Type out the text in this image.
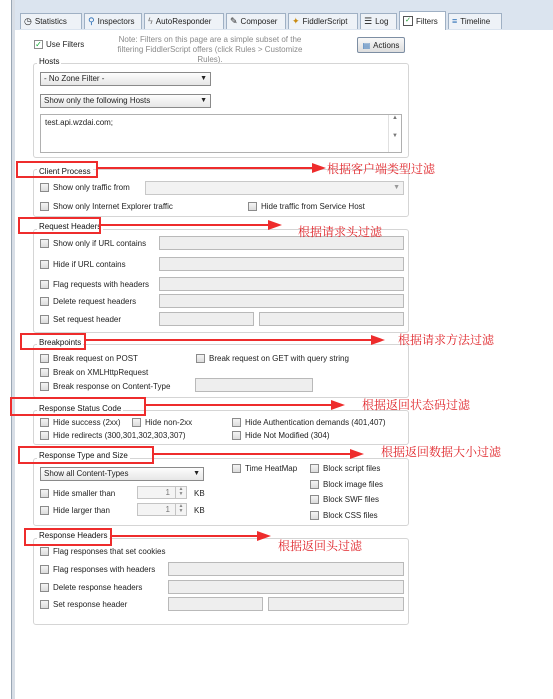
◷ Statistics ⚲ Inspectors ϟ AutoResponder ✎ Composer ✦ FiddlerScript ☰ Log ✓ Filters ≡ Timeline
✓ Use Filters
Note: Filters on this page are a simple subset of the filtering FiddlerScript offers (click Rules > Customize Rules).
▤ Actions
Hosts
- No Zone Filter -	▼
Show only the following Hosts	▼
test.api.wzdai.com;	▲

▼
Client Process
Show only traffic from	▼
Show only Internet Explorer traffic	Hide traffic from Service Host
Request Headers
Show only if URL contains
Hide if URL contains
Flag requests with headers
Delete request headers
Set request header
Breakpoints
Break request on POST	Break request on GET with query string
Break on XMLHttpRequest
Break response on Content-Type
Response Status Code
Hide success (2xx)	Hide non-2xx	Hide Authentication demands (401,407)
Hide redirects (300,301,302,303,307)	Hide Not Modified (304)
Response Type and Size
Show all Content-Types	▼
Time HeatMap	Block script files
Block image files
Block SWF files
Block CSS files
Hide smaller than	1	▲
▼	KB
Hide larger than	1	▲
▼	KB
Response Headers
Flag responses that set cookies
Flag responses with headers
Delete response headers
Set response header
根据客户端类型过滤
根据请求头过滤
根据请求方法过滤
根据返回状态码过滤
根据返回数据大小过滤
根据返回头过滤
